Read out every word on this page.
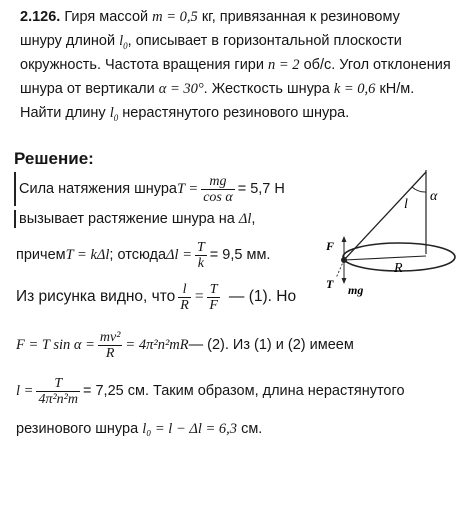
2.126. Гиря массой m = 0,5 кг, привязанная к резиновому
шнуру длиной $l_0$, описывает в горизонтальной плоскости
окружность. Частота вращения гири n = 2 об/с. Угол отклонения
шнура от вертикали α = 30°. Жесткость шнура k = 0,6 кН/м.
Найти длину $l_0$ нерастянутого резинового шнура.
Решение:
Сила натяжения шнура $T = \frac{mg}{\text{cos α}} = 5,7$ Н
вызывает растяжение шнура на Δl,
причем T = kΔl ; отсюда $\Delta l = \frac{T}{k} = 9,5$ мм.
Из рисунка видно, что $\frac{l}{R} = \frac{T}{F}$ — (1). Но
F = T $\sin \alpha = \frac{\text{mv²}}{R} = 4\pi^2n^2mR$ — (2). Из (1) и (2) имеем
$l = \frac{T}{\text{4π²n²m}} = 7,25$ см. Таким образом, длина нерастянутого
резинового шнура l₀ = l − Δl = 6,3 см.
l
α
F
R
T mg
